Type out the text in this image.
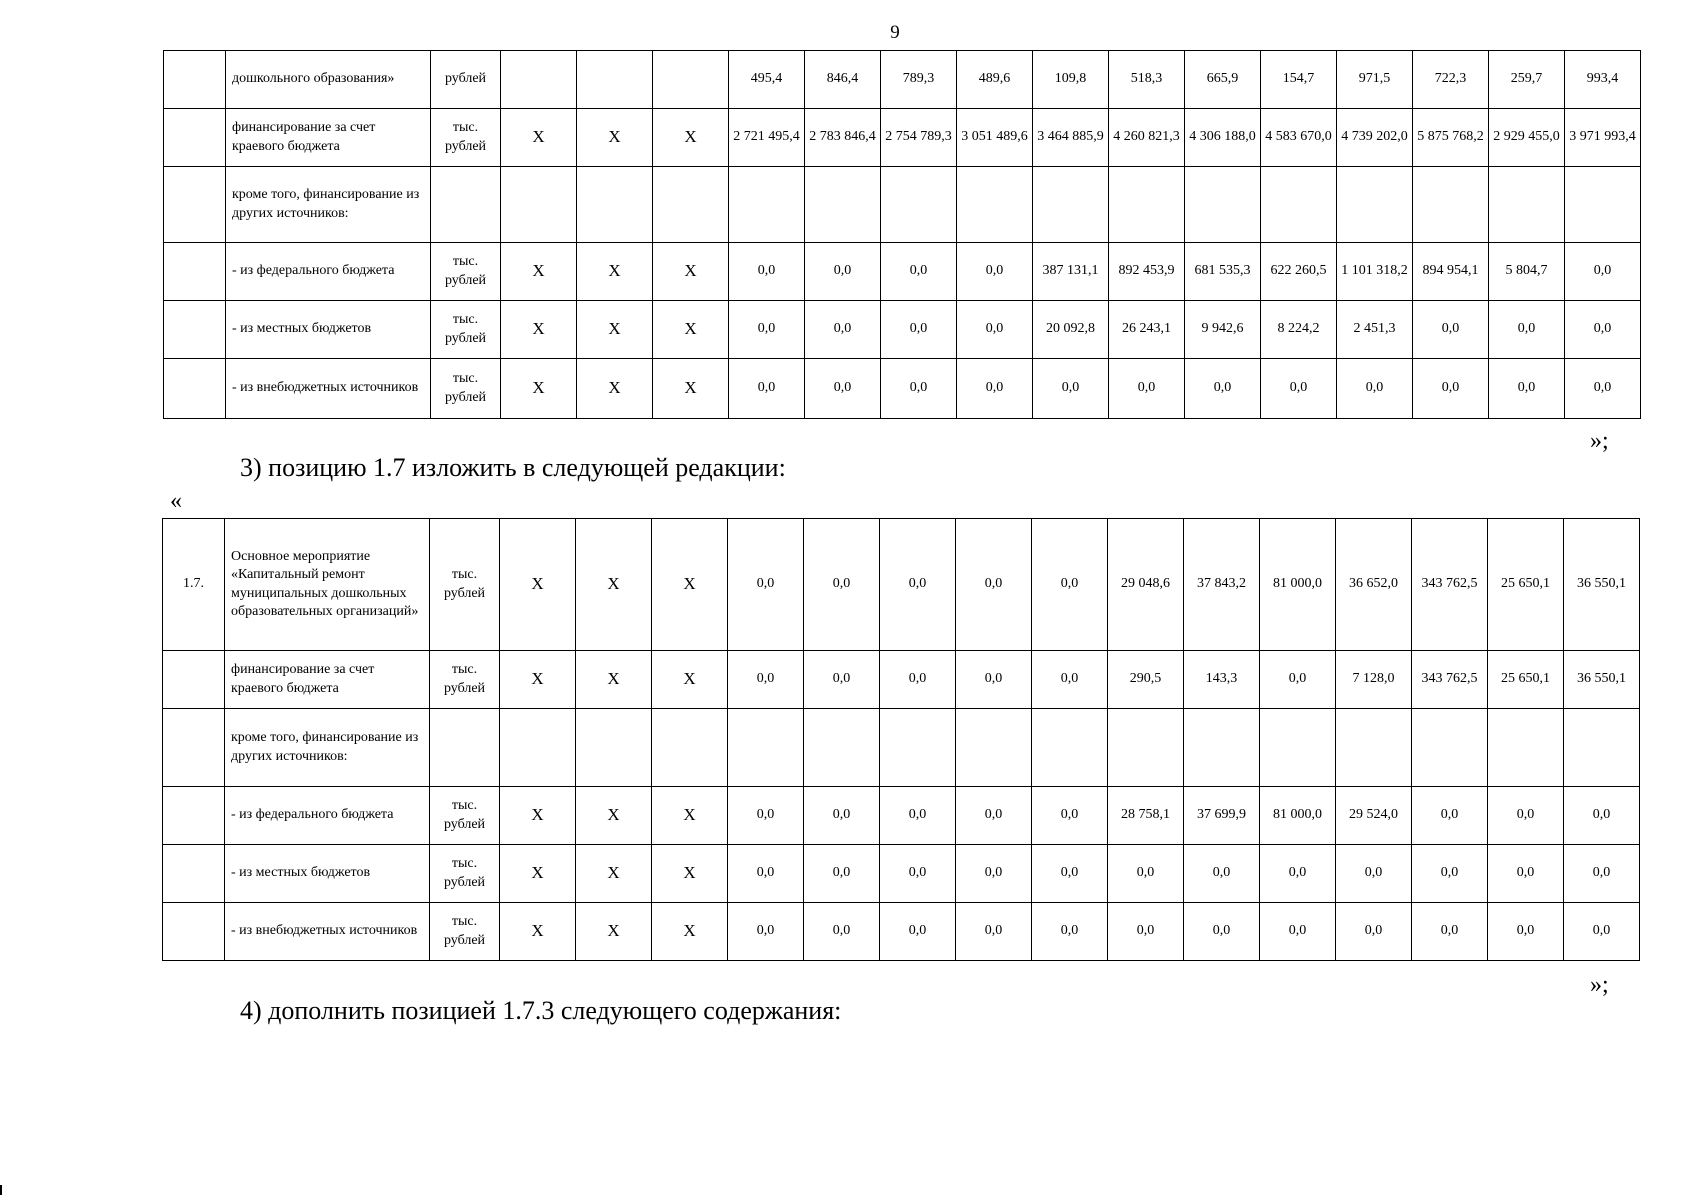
9
	дошкольного образования»	рублей				495,4	846,4	789,3	489,6	109,8	518,3	665,9	154,7	971,5	722,3	259,7	993,4
	финансирование за счет краевого бюджета	тыс. рублей	Х	Х	Х	2 721 495,4	2 783 846,4	2 754 789,3	3 051 489,6	3 464 885,9	4 260 821,3	4 306 188,0	4 583 670,0	4 739 202,0	5 875 768,2	2 929 455,0	3 971 993,4
	кроме того, финансирование из других источников:																
	- из федерального бюджета	тыс. рублей	Х	Х	Х	0,0	0,0	0,0	0,0	387 131,1	892 453,9	681 535,3	622 260,5	1 101 318,2	894 954,1	5 804,7	0,0
	- из местных бюджетов	тыс. рублей	Х	Х	Х	0,0	0,0	0,0	0,0	20 092,8	26 243,1	9 942,6	8 224,2	2 451,3	0,0	0,0	0,0
	- из внебюджетных источников	тыс. рублей	Х	Х	Х	0,0	0,0	0,0	0,0	0,0	0,0	0,0	0,0	0,0	0,0	0,0	0,0
»;
3) позицию 1.7 изложить в следующей редакции:
«
1.7.	Основное мероприятие «Капитальный ремонт муниципальных дошкольных образовательных организаций»	тыс. рублей	Х	Х	Х	0,0	0,0	0,0	0,0	0,0	29 048,6	37 843,2	81 000,0	36 652,0	343 762,5	25 650,1	36 550,1
	финансирование за счет краевого бюджета	тыс. рублей	Х	Х	Х	0,0	0,0	0,0	0,0	0,0	290,5	143,3	0,0	7 128,0	343 762,5	25 650,1	36 550,1
	кроме того, финансирование из других источников:																
	- из федерального бюджета	тыс. рублей	Х	Х	Х	0,0	0,0	0,0	0,0	0,0	28 758,1	37 699,9	81 000,0	29 524,0	0,0	0,0	0,0
	- из местных бюджетов	тыс. рублей	Х	Х	Х	0,0	0,0	0,0	0,0	0,0	0,0	0,0	0,0	0,0	0,0	0,0	0,0
	- из внебюджетных источников	тыс. рублей	Х	Х	Х	0,0	0,0	0,0	0,0	0,0	0,0	0,0	0,0	0,0	0,0	0,0	0,0
»;
4) дополнить позицией 1.7.3 следующего содержания:
